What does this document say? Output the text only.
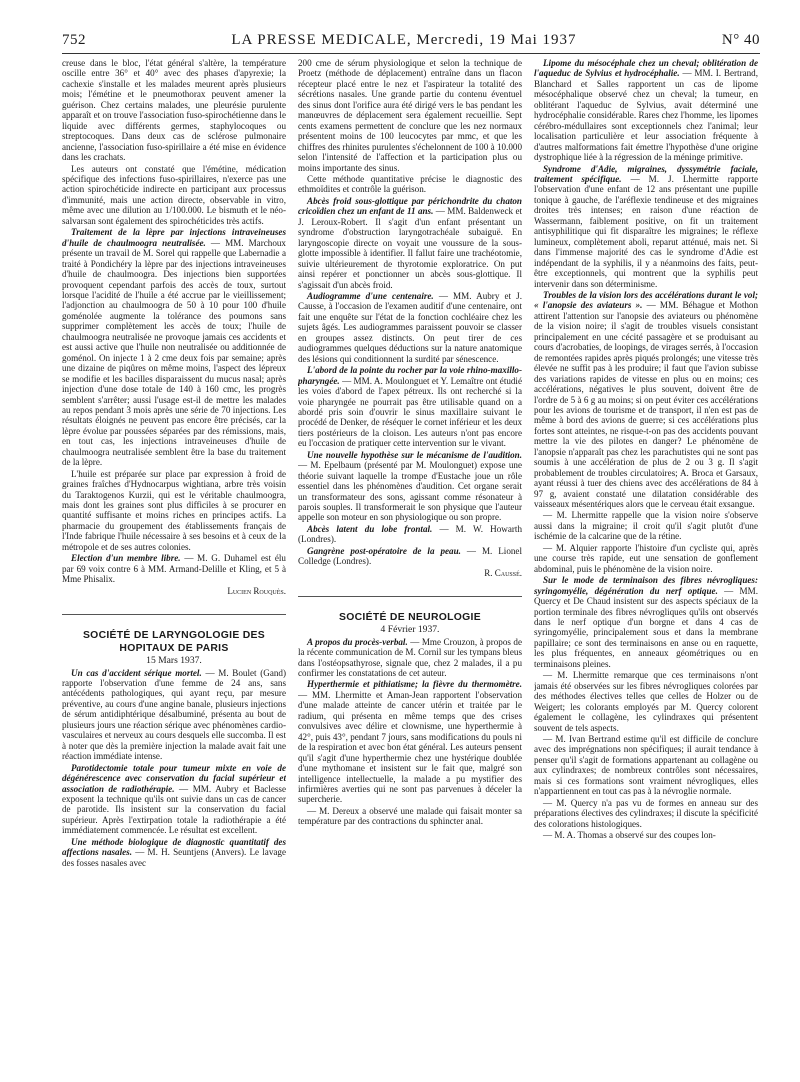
752	LA PRESSE MEDICALE, Mercredi, 19 Mai 1937	N° 40

creuse dans le bloc, l'état général s'altère, la température oscille entre 36° et 40° avec des phases d'apyrexie; la cachexie s'installe et les malades meurent après plusieurs mois; l'émétine et le pneumothorax peuvent amener la guérison. Chez certains malades, une pleurésie purulente apparaît et on trouve l'association fuso-spirochétienne dans le liquide avec différents germes, staphylocoques ou streptocoques. Dans deux cas de sclérose pulmonaire ancienne, l'association fuso-spirillaire a été mise en évidence dans les crachats.

Les auteurs ont constaté que l'émétine, médication spécifique des infections fuso-spirillaires, n'exerce pas une action spirochéticide indirecte en participant aux processus d'immunité, mais une action directe, observable in vitro, même avec une dilution au 1/100.000. Le bismuth et le néo-salvarsan sont également des spirochéticides très actifs.

Traitement de la lèpre par injections intraveineuses d'huile de chaulmoogra neutralisée. — MM. Marchoux présente un travail de M. Sorel qui rappelle que Labernadie a traité à Pondichéry la lèpre par des injections intraveineuses d'huile de chaulmoogra. Des injections bien supportées provoquent cependant parfois des accès de toux, surtout lorsque l'acidité de l'huile a été accrue par le vieillissement; l'adjonction au chaulmoogra de 50 à 10 pour 100 d'huile goménolée augmente la tolérance des poumons sans supprimer complètement les accès de toux; l'huile de chaulmoogra neutralisée ne provoque jamais ces accidents et est aussi active que l'huile non neutralisée ou additionnée de goménol. On injecte 1 à 2 cme deux fois par semaine; après une dizaine de piqûres on même moins, l'aspect des lépreux se modifie et les bacilles disparaissent du mucus nasal; après injection d'une dose totale de 140 à 160 cmc, les progrès semblent s'arrêter; aussi l'usage est-il de mettre les malades au repos pendant 3 mois après une série de 70 injections. Les résultats éloignés ne peuvent pas encore être précisés, car la lèpre évolue par poussées séparées par des rémissions, mais, en tout cas, les injections intraveineuses d'huile de chaulmoogra neutralisée semblent être la base du traitement de la lèpre.

L'huile est préparée sur place par expression à froid de graines fraîches d'Hydnocarpus wightiana, arbre très voisin du Taraktogenos Kurzii, qui est le véritable chaulmoogra, mais dont les graines sont plus difficiles à se procurer en quantité suffisante et moins riches en principes actifs. La pharmacie du groupement des établissements français de l'Inde fabrique l'huile nécessaire à ses besoins et à ceux de la métropole et de ses autres colonies.

Election d'un membre libre. — M. G. Duhamel est élu par 69 voix contre 6 à MM. Armand-Delille et Kling, et 5 à Mme Phisalix.

Lucien Rouquès.

SOCIÉTÉ DE LARYNGOLOGIE DES HOPITAUX DE PARIS

15 Mars 1937.

Un cas d'accident sérique mortel. — M. Boulet (Gand) rapporte l'observation d'une femme de 24 ans, sans antécédents pathologiques, qui ayant reçu, par mesure préventive, au cours d'une angine banale, plusieurs injections de sérum antidiphtérique désalbuminé, présenta au bout de plusieurs jours une réaction sérique avec phénomènes cardio-vasculaires et nerveux au cours desquels elle succomba. Il est à noter que dès la première injection la malade avait fait une réaction immédiate intense.

Parotidectomie totale pour tumeur mixte en voie de dégénérescence avec conservation du facial supérieur et association de radiothérapie. — MM. Aubry et Baclesse exposent la technique qu'ils ont suivie dans un cas de cancer de parotide. Ils insistent sur la conservation du facial supérieur. Après l'extirpation totale la radiothérapie a été immédiatement commencée. Le résultat est excellent.

Une méthode biologique de diagnostic quantitatif des affections nasales. — M. H. Seuntjens (Anvers). Le lavage des fosses nasales avec

200 cme de sérum physiologique et selon la technique de Proetz (méthode de déplacement) entraîne dans un flacon récepteur placé entre le nez et l'aspirateur la totalité des sécrétions nasales. Une grande partie du contenu éventuel des sinus dont l'orifice aura été dirigé vers le bas pendant les manœuvres de déplacement sera également recueillie. Sept cents examens permettent de conclure que les nez normaux présentent moins de 100 leucocytes par mmc, et que les chiffres des rhinites purulentes s'échelonnent de 100 à 10.000 selon l'intensité de l'affection et la participation plus ou moins importante des sinus.

Cette méthode quantitative précise le diagnostic des ethmoïdites et contrôle la guérison.

Abcès froid sous-glottique par périchondrite du chaton cricoïdien chez un enfant de 11 ans. — MM. Baldenweck et J. Leroux-Robert. Il s'agit d'un enfant présentant un syndrome d'obstruction laryngotrachéale subaiguë. En laryngoscopie directe on voyait une voussure de la sous-glotte impossible à identifier. Il fallut faire une trachéotomie, suivie ultérieurement de thyrotomie exploratrice. On put ainsi repérer et ponctionner un abcès sous-glottique. Il s'agissait d'un abcès froid.

Audiogramme d'une centenaire. — MM. Aubry et J. Causse, à l'occasion de l'examen auditif d'une centenaire, ont fait une enquête sur l'état de la fonction cochléaire chez les sujets âgés. Les audiogrammes paraissent pouvoir se classer en groupes assez distincts. On peut tirer de ces audiogrammes quelques déductions sur la nature anatomique des lésions qui conditionnent la surdité par sénescence.

L'abord de la pointe du rocher par la voie rhino-maxillo-pharyngée. — MM. A. Moulonguet et Y. Lemaître ont étudié les voies d'abord de l'apex pétreux. Ils ont recherché si la voie pharyngée ne pourrait pas être utilisable quand on a abordé pris soin d'ouvrir le sinus maxillaire suivant le procédé de Denker, de réséquer le cornet inférieur et les deux tiers postérieurs de la cloison. Les auteurs n'ont pas encore eu l'occasion de pratiquer cette intervention sur le vivant.

Une nouvelle hypothèse sur le mécanisme de l'audition. — M. Epelbaum (présenté par M. Moulonguet) expose une théorie suivant laquelle la trompe d'Eustache joue un rôle essentiel dans les phénomènes d'audition. Cet organe serait un transformateur des sons, agissant comme résonateur à parois souples. Il transformerait le son physique que l'auteur appelle son moteur en son physiologique ou son propre.

Abcès latent du lobe frontal. — M. W. Howarth (Londres).

Gangrène post-opératoire de la peau. — M. Lionel Colledge (Londres).

R. Caussé.

SOCIÉTÉ DE NEUROLOGIE

4 Février 1937.

A propos du procès-verbal. — Mme Crouzon, à propos de la récente communication de M. Cornil sur les tympans bleus dans l'ostéopsathyrose, signale que, chez 2 malades, il a pu confirmer les constatations de cet auteur.

Hyperthermie et pithiatisme; la fièvre du thermomètre. — MM. Lhermitte et Aman-Jean rapportent l'observation d'une malade atteinte de cancer utérin et traitée par le radium, qui présenta en même temps que des crises convulsives avec délire et clownisme, une hyperthermie à 42°, puis 43°, pendant 7 jours, sans modifications du pouls ni de la respiration et avec bon état général. Les auteurs pensent qu'il s'agit d'une hyperthermie chez une hystérique doublée d'une mythomane et insistent sur le fait que, malgré son intelligence intellectuelle, la malade a pu mystifier des infirmières averties qui ne sont pas parvenues à déceler la supercherie.

— M. Dereux a observé une malade qui faisait monter sa température par des contractions du sphincter anal.

Lipome du mésocéphale chez un cheval; oblitération de l'aqueduc de Sylvius et hydrocéphalie. — MM. I. Bertrand, Blanchard et Salles rapportent un cas de lipome mésocéphalique observé chez un cheval; la tumeur, en oblitérant l'aqueduc de Sylvius, avait déterminé une hydrocéphalie considérable. Rares chez l'homme, les lipomes cérébro-médullaires sont exceptionnels chez l'animal; leur localisation particulière et leur association fréquente à d'autres malformations fait émettre l'hypothèse d'une origine dystrophique liée à la régression de la méninge primitive.

Syndrome d'Adie, migraines, dyssymétrie faciale, traitement spécifique. — M. J. Lhermitte rapporte l'observation d'une enfant de 12 ans présentant une pupille tonique à gauche, de l'aréflexie tendineuse et des migraines droites très intenses; en raison d'une réaction de Wassermann, faiblement positive, on fit un traitement antisyphilitique qui fit disparaître les migraines; le réflexe lumineux, complètement aboli, reparut atténué, mais net. Si dans l'immense majorité des cas le syndrome d'Adie est indépendant de la syphilis, il y a néanmoins des faits, peut-être exceptionnels, qui montrent que la syphilis peut intervenir dans son déterminisme.

Troubles de la vision lors des accélérations durant le vol; « l'anopsie des aviateurs ». — MM. Béhague et Mothon attirent l'attention sur l'anopsie des aviateurs ou phénomène de la vision noire; il s'agit de troubles visuels consistant principalement en une cécité passagère et se produisant au cours d'acrobaties, de loopings, de virages serrés, à l'occasion de remontées rapides après piqués prolongés; une vitesse très élevée ne suffit pas à les produire; il faut que l'avion subisse des variations rapides de vitesse en plus ou en moins; ces accélérations, négatives le plus souvent, doivent être de l'ordre de 5 à 6 g au moins; si on peut éviter ces accélérations pour les avions de tourisme et de transport, il n'en est pas de même à bord des avions de guerre; si ces accélérations plus fortes sont atteintes, ne risque-t-on pas des accidents pouvant mettre la vie des pilotes en danger? Le phénomène de l'anopsie n'apparaît pas chez les parachutistes qui ne sont pas soumis à une accélération de plus de 2 ou 3 g. Il s'agit probablement de troubles circulatoires; A. Broca et Garsaux, ayant réussi à tuer des chiens avec des accélérations de 84 à 97 g, avaient constaté une dilatation considérable des vaisseaux mésentériques alors que le cerveau était exsangue.

— M. Lhermitte rappelle que la vision noire s'observe aussi dans la migraine; il croit qu'il s'agit plutôt d'une ischémie de la calcarine que de la rétine.

— M. Alquier rapporte l'histoire d'un cycliste qui, après une course très rapide, eut une sensation de gonflement abdominal, puis le phénomène de la vision noire.

Sur le mode de terminaison des fibres névrogliques: syringomyélie, dégénération du nerf optique. — MM. Quercy et De Chaud insistent sur des aspects spéciaux de la portion terminale des fibres névrogliques qu'ils ont observés dans le nerf optique d'un borgne et dans 4 cas de syringomyélie, principalement sous et dans la membrane papillaire; ce sont des terminaisons en anse ou en raquette, les plus fréquentes, en anneaux géométriques ou en terminaisons pleines.

— M. Lhermitte remarque que ces terminaisons n'ont jamais été observées sur les fibres névrogliques colorées par des méthodes électives telles que celles de Holzer ou de Weigert; les colorants employés par M. Quercy colorent également le collagène, les cylindraxes qui présentent souvent de tels aspects.

— M. Ivan Bertrand estime qu'il est difficile de conclure avec des imprégnations non spécifiques; il aurait tendance à penser qu'il s'agit de formations appartenant au collagène ou aux cylindraxes; de nombreux contrôles sont nécessaires, mais si ces formations sont vraiment névrogliques, elles n'appartiennent en tout cas pas à la névroglie normale.

— M. Quercy n'a pas vu de formes en anneau sur des préparations électives des cylindraxes; il discute la spécificité des colorations histologiques.

— M. A. Thomas a observé sur des coupes lon-
